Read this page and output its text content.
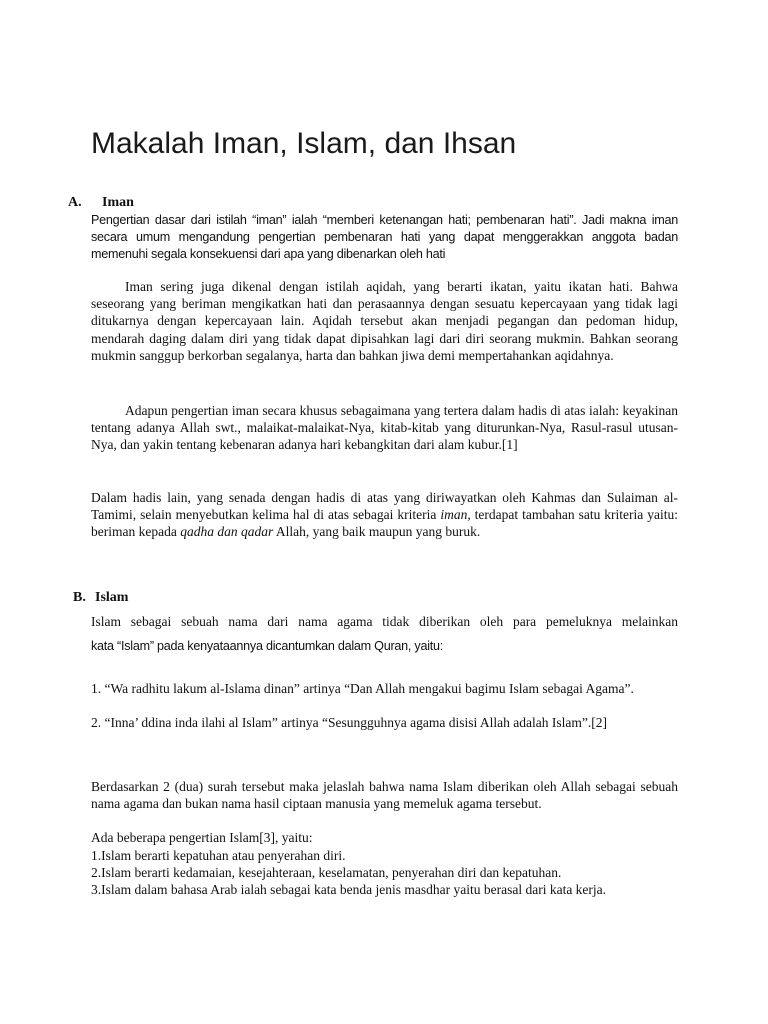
Makalah Iman, Islam, dan Ihsan
A. Iman

Pengertian dasar dari istilah “iman” ialah “memberi ketenangan hati; pembenaran hati”. Jadi makna iman secara umum mengandung pengertian pembenaran hati yang dapat menggerakkan anggota badan memenuhi segala konsekuensi dari apa yang dibenarkan oleh hati

Iman sering juga dikenal dengan istilah aqidah, yang berarti ikatan, yaitu ikatan hati. Bahwa seseorang yang beriman mengikatkan hati dan perasaannya dengan sesuatu kepercayaan yang tidak lagi ditukarnya dengan kepercayaan lain. Aqidah tersebut akan menjadi pegangan dan pedoman hidup, mendarah daging dalam diri yang tidak dapat dipisahkan lagi dari diri seorang mukmin. Bahkan seorang mukmin sanggup berkorban segalanya, harta dan bahkan jiwa demi mempertahankan aqidahnya.

Adapun pengertian iman secara khusus sebagaimana yang tertera dalam hadis di atas ialah: keyakinan tentang adanya Allah swt., malaikat-malaikat-Nya, kitab-kitab yang diturunkan-Nya, Rasul-rasul utusan-Nya, dan yakin tentang kebenaran adanya hari kebangkitan dari alam kubur.[1]

Dalam hadis lain, yang senada dengan hadis di atas yang diriwayatkan oleh Kahmas dan Sulaiman al-Tamimi, selain menyebutkan kelima hal di atas sebagai kriteria iman, terdapat tambahan satu kriteria yaitu: beriman kepada qadha dan qadar Allah, yang baik maupun yang buruk.

B. Islam

Islam sebagai sebuah nama dari nama agama tidak diberikan oleh para pemeluknya melainkan
kata “Islam” pada kenyataannya dicantumkan dalam Quran, yaitu:

1. “Wa radhitu lakum al-Islama dinan” artinya “Dan Allah mengakui bagimu Islam sebagai Agama”.

2. “Inna’ ddina inda ilahi al Islam” artinya “Sesungguhnya agama disisi Allah adalah Islam”.[2]

Berdasarkan 2 (dua) surah tersebut maka jelaslah bahwa nama Islam diberikan oleh Allah sebagai sebuah nama agama dan bukan nama hasil ciptaan manusia yang memeluk agama tersebut.

Ada beberapa pengertian Islam[3], yaitu:

1.Islam berarti kepatuhan atau penyerahan diri.

2.Islam berarti kedamaian, kesejahteraan, keselamatan, penyerahan diri dan kepatuhan.

3.Islam dalam bahasa Arab ialah sebagai kata benda jenis masdhar yaitu berasal dari kata kerja.
